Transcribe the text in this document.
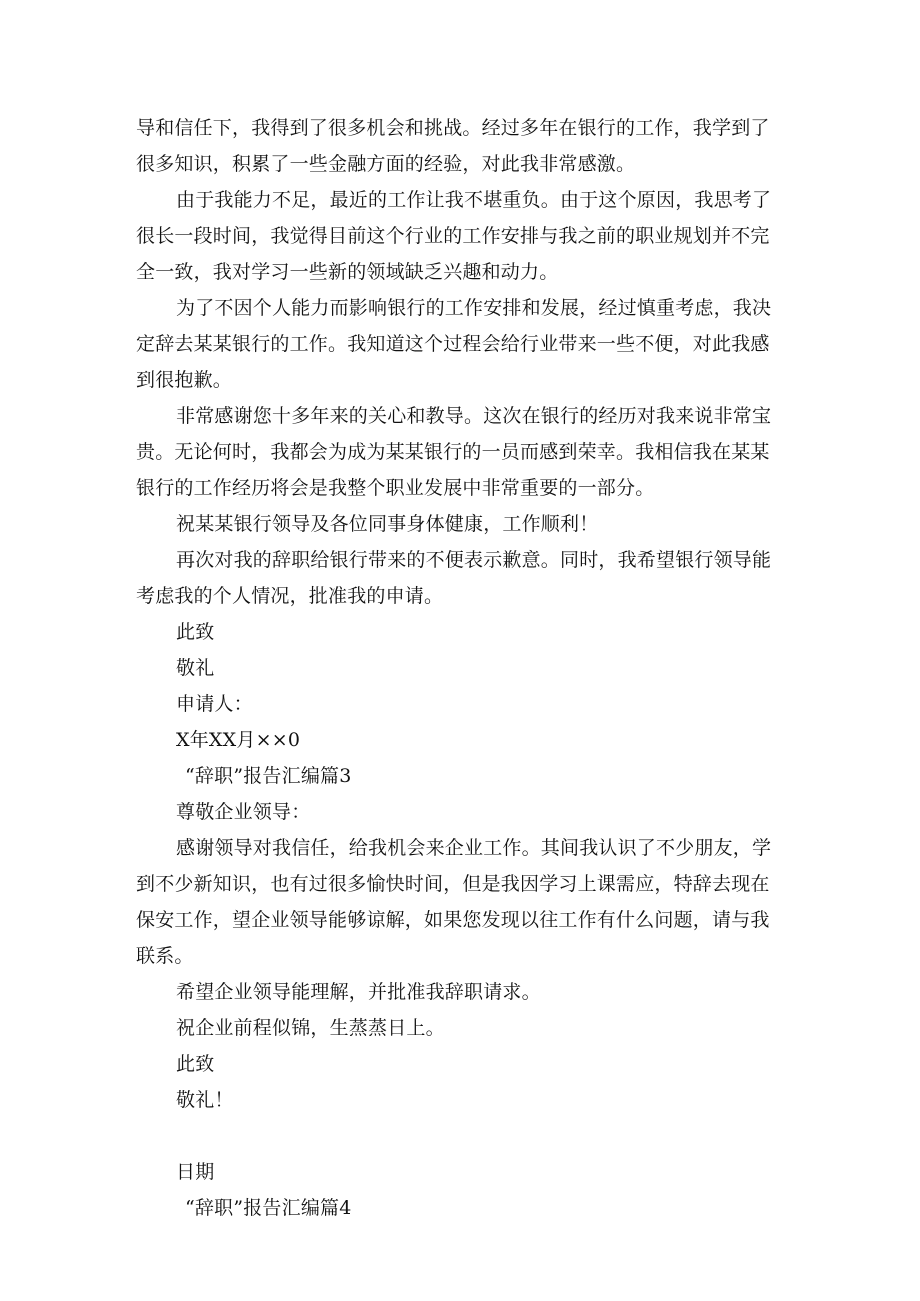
导和信任下，我得到了很多机会和挑战。经过多年在银行的工作，我学到了
很多知识，积累了一些金融方面的经验，对此我非常感激。
由于我能力不足，最近的工作让我不堪重负。由于这个原因，我思考了
很长一段时间，我觉得目前这个行业的工作安排与我之前的职业规划并不完
全一致，我对学习一些新的领域缺乏兴趣和动力。
为了不因个人能力而影响银行的工作安排和发展，经过慎重考虑，我决
定辞去某某银行的工作。我知道这个过程会给行业带来一些不便，对此我感
到很抱歉。
非常感谢您十多年来的关心和教导。这次在银行的经历对我来说非常宝
贵。无论何时，我都会为成为某某银行的一员而感到荣幸。我相信我在某某
银行的工作经历将会是我整个职业发展中非常重要的一部分。
祝某某银行领导及各位同事身体健康，工作顺利！
再次对我的辞职给银行带来的不便表示歉意。同时，我希望银行领导能
考虑我的个人情况，批准我的申请。
此致
敬礼
申请人：
X年XX月××0
“辞职”报告汇编篇3
尊敬企业领导：
感谢领导对我信任，给我机会来企业工作。其间我认识了不少朋友，学
到不少新知识，也有过很多愉快时间，但是我因学习上课需应，特辞去现在
保安工作，望企业领导能够谅解，如果您发现以往工作有什么问题，请与我
联系。
希望企业领导能理解，并批准我辞职请求。
祝企业前程似锦，生蒸蒸日上。
此致
敬礼！
日期
“辞职”报告汇编篇4
